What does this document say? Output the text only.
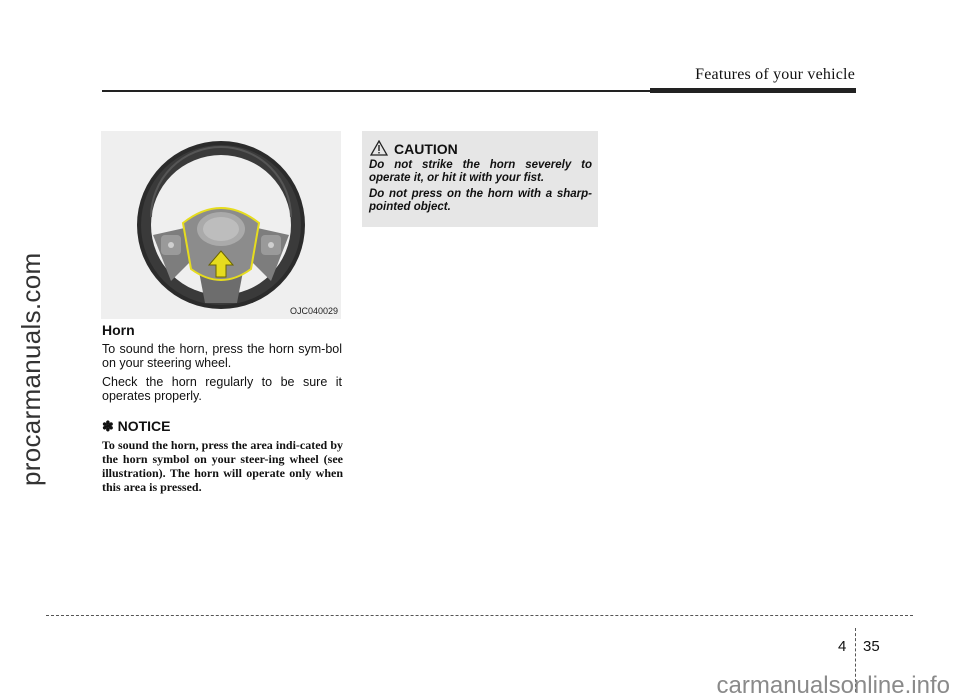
Features of your vehicle
procarmanuals.com	OJC040029
Horn
To sound the horn, press the horn sym-bol on your steering wheel.
Check the horn regularly to be sure it operates properly.
✽ NOTICE
To sound the horn, press the area indi-cated by the horn symbol on your steer-ing wheel (see illustration). The horn will operate only when this area is pressed.
CAUTION
Do not strike the horn severely to operate it, or hit it with your fist.
Do not press on the horn with a sharp-pointed object.
4 35
carmanualsonline.info
